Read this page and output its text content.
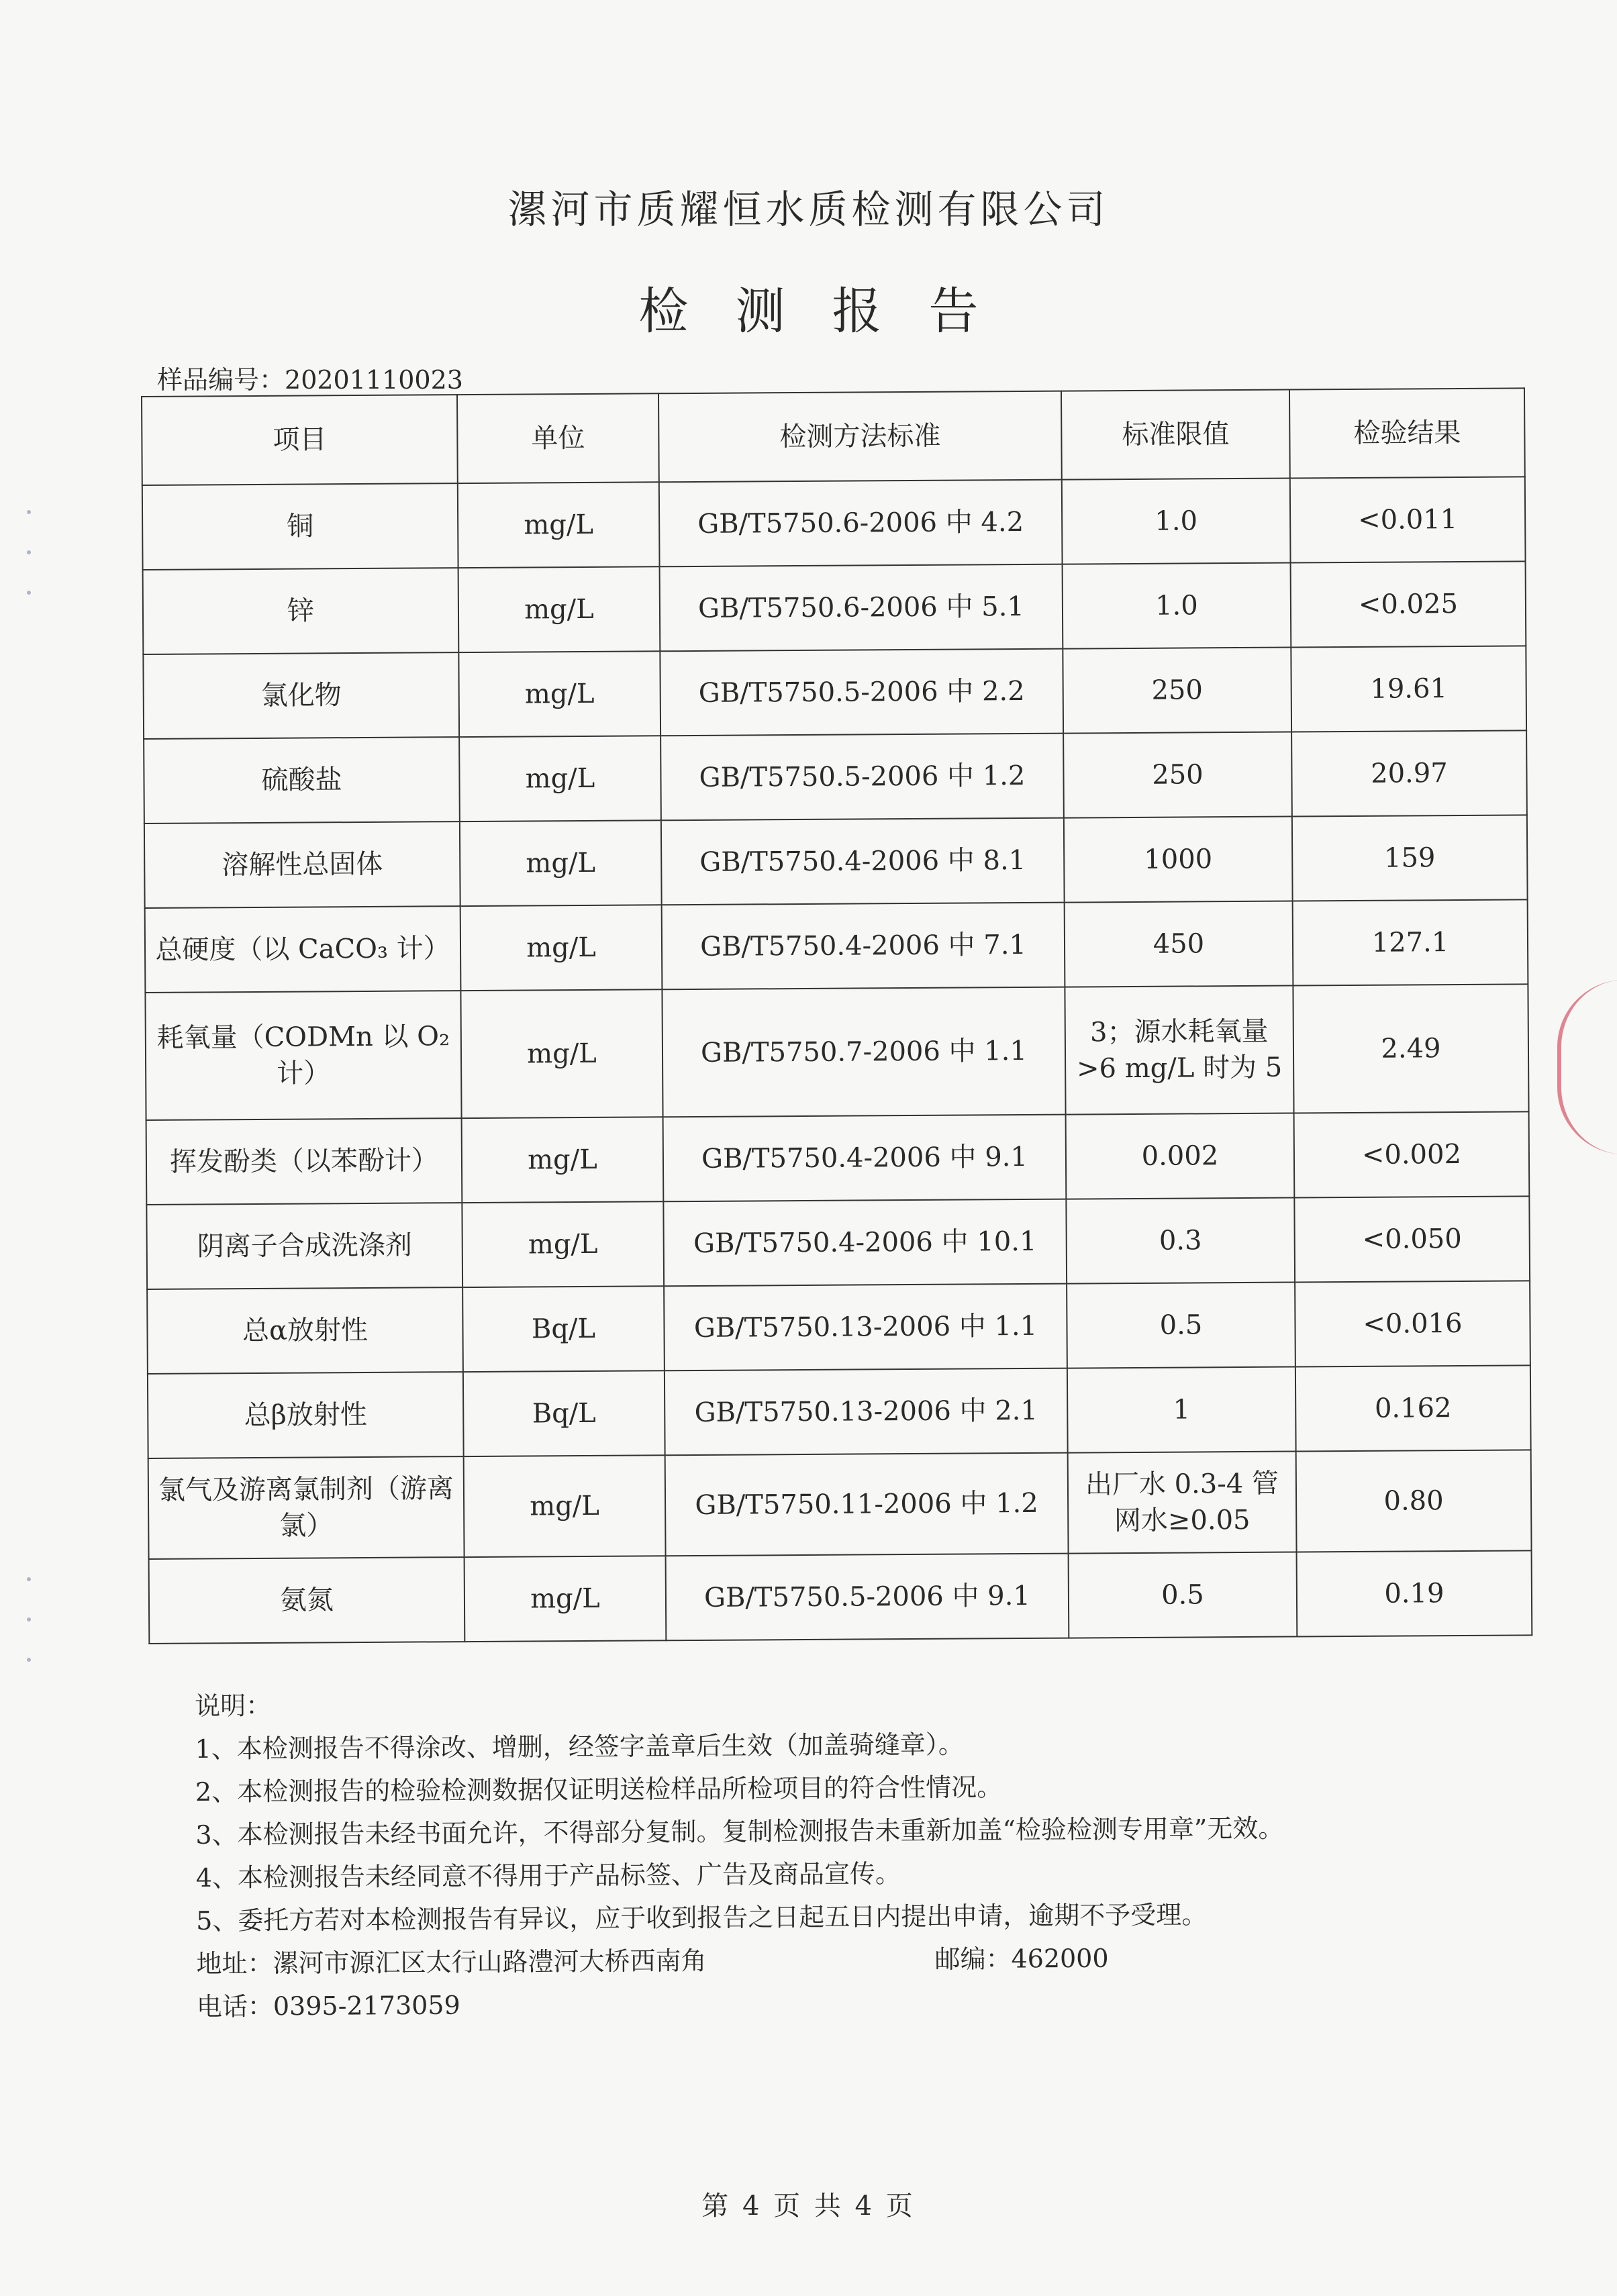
漯河市质耀恒水质检测有限公司
检测报告
样品编号：20201110023
项目	单位	检测方法标准	标准限值	检验结果
铜	mg/L	GB/T5750.6-2006 中 4.2	1.0	<0.011
锌	mg/L	GB/T5750.6-2006 中 5.1	1.0	<0.025
氯化物	mg/L	GB/T5750.5-2006 中 2.2	250	19.61
硫酸盐	mg/L	GB/T5750.5-2006 中 1.2	250	20.97
溶解性总固体	mg/L	GB/T5750.4-2006 中 8.1	1000	159
总硬度（以 CaCO₃ 计）	mg/L	GB/T5750.4-2006 中 7.1	450	127.1
耗氧量（CODMn 以 O₂ 计）	mg/L	GB/T5750.7-2006 中 1.1	3；源水耗氧量>6 mg/L 时为 5	2.49
挥发酚类（以苯酚计）	mg/L	GB/T5750.4-2006 中 9.1	0.002	<0.002
阴离子合成洗涤剂	mg/L	GB/T5750.4-2006 中 10.1	0.3	<0.050
总α放射性	Bq/L	GB/T5750.13-2006 中 1.1	0.5	<0.016
总β放射性	Bq/L	GB/T5750.13-2006 中 2.1	1	0.162
氯气及游离氯制剂（游离氯）	mg/L	GB/T5750.11-2006 中 1.2	出厂水 0.3-4 管网水≥0.05	0.80
氨氮	mg/L	GB/T5750.5-2006 中 9.1	0.5	0.19
说明：
1、本检测报告不得涂改、增删，经签字盖章后生效（加盖骑缝章）。
2、本检测报告的检验检测数据仅证明送检样品所检项目的符合性情况。
3、本检测报告未经书面允许，不得部分复制。复制检测报告未重新加盖“检验检测专用章”无效。
4、本检测报告未经同意不得用于产品标签、广告及商品宣传。
5、委托方若对本检测报告有异议，应于收到报告之日起五日内提出申请，逾期不予受理。
地址：漯河市源汇区太行山路澧河大桥西南角	邮编：462000
电话：0395-2173059
第 4 页 共 4 页
